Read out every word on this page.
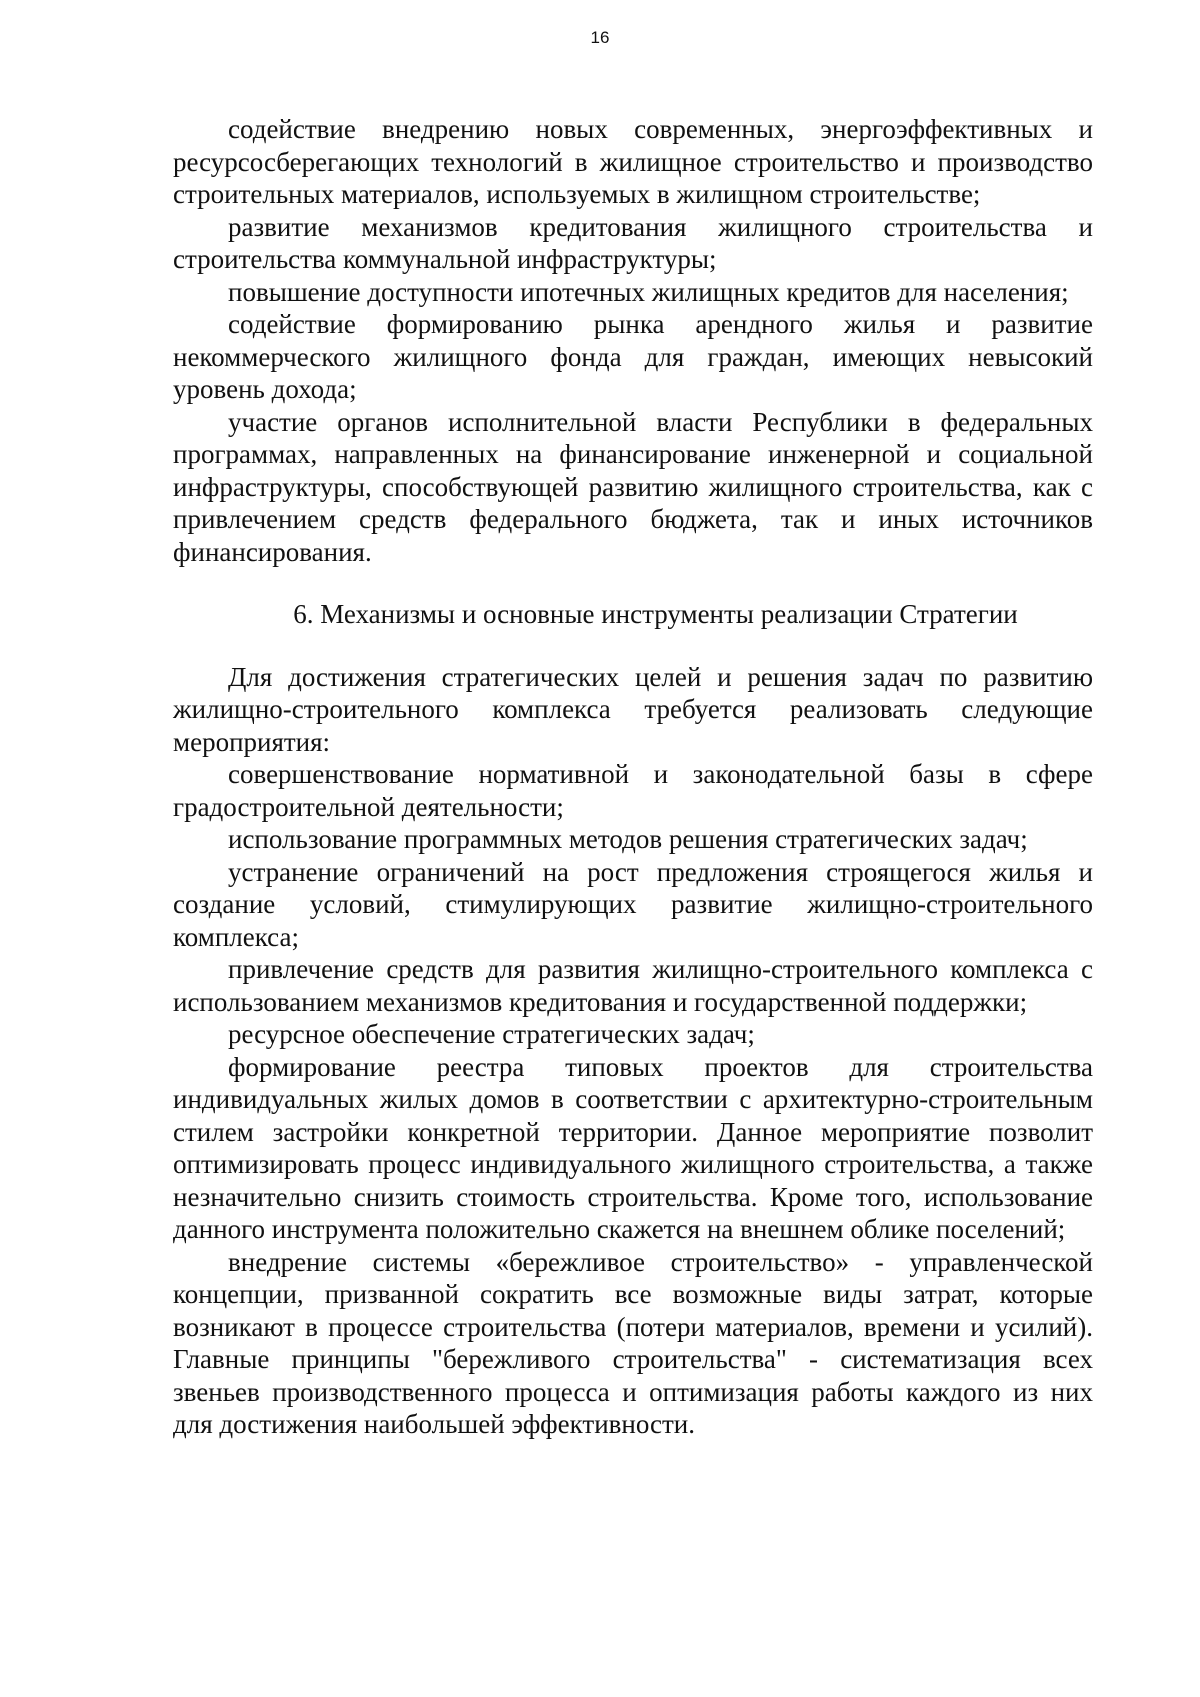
16

содействие внедрению новых современных, энергоэффективных и ресурсосберегающих технологий в жилищное строительство и производство строительных материалов, используемых в жилищном строительстве;

развитие механизмов кредитования жилищного строительства и строительства коммунальной инфраструктуры;

повышение доступности ипотечных жилищных кредитов для населения;

содействие формированию рынка арендного жилья и развитие некоммерческого жилищного фонда для граждан, имеющих невысокий уровень дохода;

участие органов исполнительной власти Республики в федеральных программах, направленных на финансирование инженерной и социальной инфраструктуры, способствующей развитию жилищного строительства, как с привлечением средств федерального бюджета, так и иных источников финансирования.

6. Механизмы и основные инструменты реализации Стратегии

Для достижения стратегических целей и решения задач по развитию жилищно-строительного комплекса требуется реализовать следующие мероприятия:

совершенствование нормативной и законодательной базы в сфере градостроительной деятельности;

использование программных методов решения стратегических задач;

устранение ограничений на рост предложения строящегося жилья и создание условий, стимулирующих развитие жилищно-строительного комплекса;

привлечение средств для развития жилищно-строительного комплекса с использованием механизмов кредитования и государственной поддержки;

ресурсное обеспечение стратегических задач;

формирование реестра типовых проектов для строительства индивидуальных жилых домов в соответствии с архитектурно-строительным стилем застройки конкретной территории. Данное мероприятие позволит оптимизировать процесс индивидуального жилищного строительства, а также незначительно снизить стоимость строительства. Кроме того, использование данного инструмента положительно скажется на внешнем облике поселений;

внедрение системы «бережливое строительство» - управленческой концепции, призванной сократить все возможные виды затрат, которые возникают в процессе строительства (потери материалов, времени и усилий). Главные принципы "бережливого строительства" - систематизация всех звеньев производственного процесса и оптимизация работы каждого из них для достижения наибольшей эффективности.
